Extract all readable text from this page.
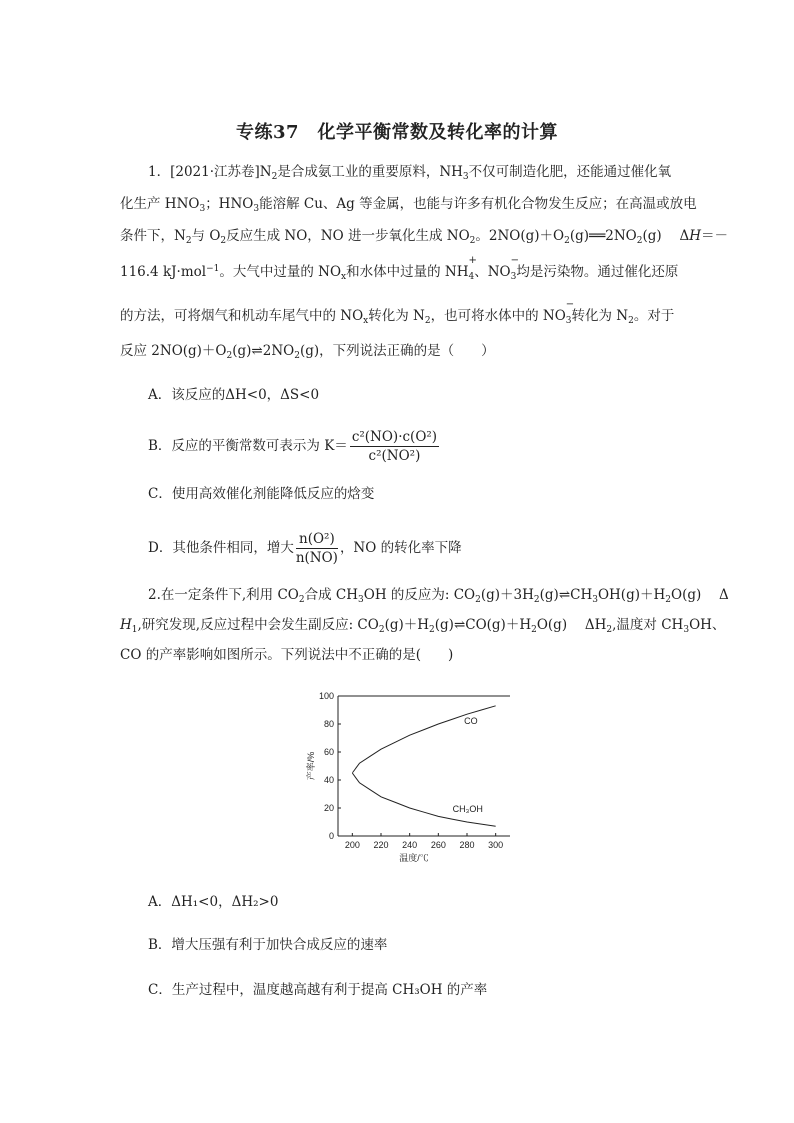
专练37　化学平衡常数及转化率的计算
1．[2021·江苏卷]$N_2$是合成氨工业的重要原料，$NH_3$不仅可制造化肥，还能通过催化氧
化生产 $HNO_3$；$HNO_3$能溶解 Cu、Ag 等金属，也能与许多有机化合物发生反应；在高温或放电
条件下，$N_2$与 $O_2$反应生成 NO，NO 进一步氧化生成 $NO_2$。$2NO(g)+O_2(g)══2NO_2(g)$　 ΔH＝－
116.4 kJ·mol$^{-1}$。大气中过量的 $NO_x$和水体中过量的 NH
+
$_4$、NO
−
$_3$均是污染物。通过催化还原
的方法，可将烟气和机动车尾气中的 $NO_x$转化为 $N_2$，也可将水体中的 NO
−
$_3$转化为 $N_2$。对于
反应 $2NO(g)+O_2(g)\rightleftharpoons 2NO_2(g)$，下列说法正确的是（　　）
A．该反应的ΔH<0，ΔS<0
B．反应的平衡常数可表示为 $K= \frac{\text{c²(NO)·c(O²)}}{\text{c²(NO²)}}$
C．使用高效催化剂能降低反应的焓变
D．其他条件相同，增大 $\frac{\text{n(O²)}}{n(NO)}$ ，NO 的转化率下降
2.在一定条件下,利用 $CO_2$合成 $CH_3OH$ 的反应为: $CO_2(g)+3H_2(g)\rightleftharpoons CH_3OH(g)+H_2O(g)$　 Δ
$H_1$,研究发现,反应过程中会发生副反应: $CO_2(g)+H_2(g)\rightleftharpoons CO(g)+H_2O(g)$　 $\Delta H_2$,温度对 $CH_3OH$、
CO 的产率影响如图所示。下列说法中不正确的是(　　)
200 220 240 260 280 300
0
20
40
60
80
100
温度/℃
产率/%
CO
CH₃OH
A．ΔH₁<0，ΔH₂>0
B．增大压强有利于加快合成反应的速率
C．生产过程中，温度越高越有利于提高 CH₃OH 的产率
